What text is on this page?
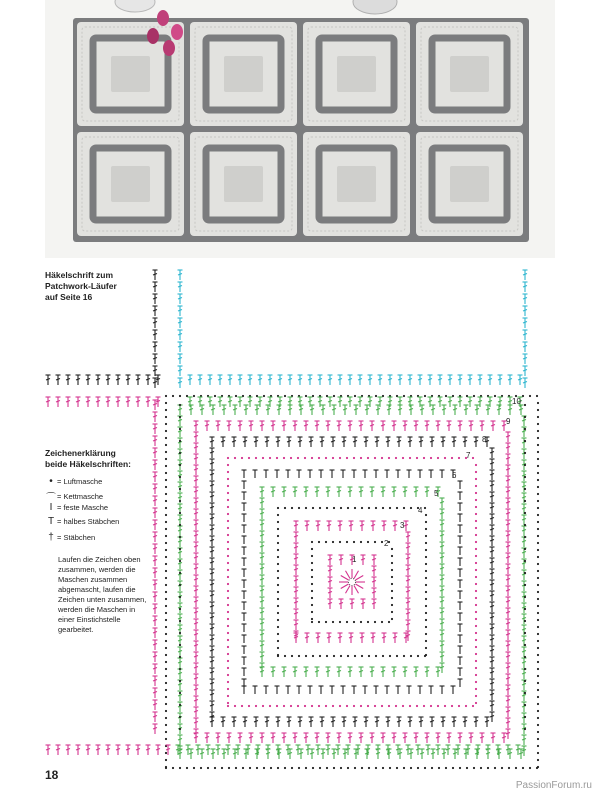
1
2
3
4
5
6
7
8
9
10
Häkelschrift zum
Patchwork-Läufer
auf Seite 16
Zeichenerklärung
beide Häkelschriften:
• = Luftmasche
⌒ = Kettmasche
I = feste Masche
T = halbes Stäbchen
† = Stäbchen
Laufen die Zeichen oben zusammen, werden die Maschen zusammen abgemascht, laufen die Zeichen unten zusammen, werden die Maschen in einer Einstichstelle gearbeitet.
18
PassionForum.ru
